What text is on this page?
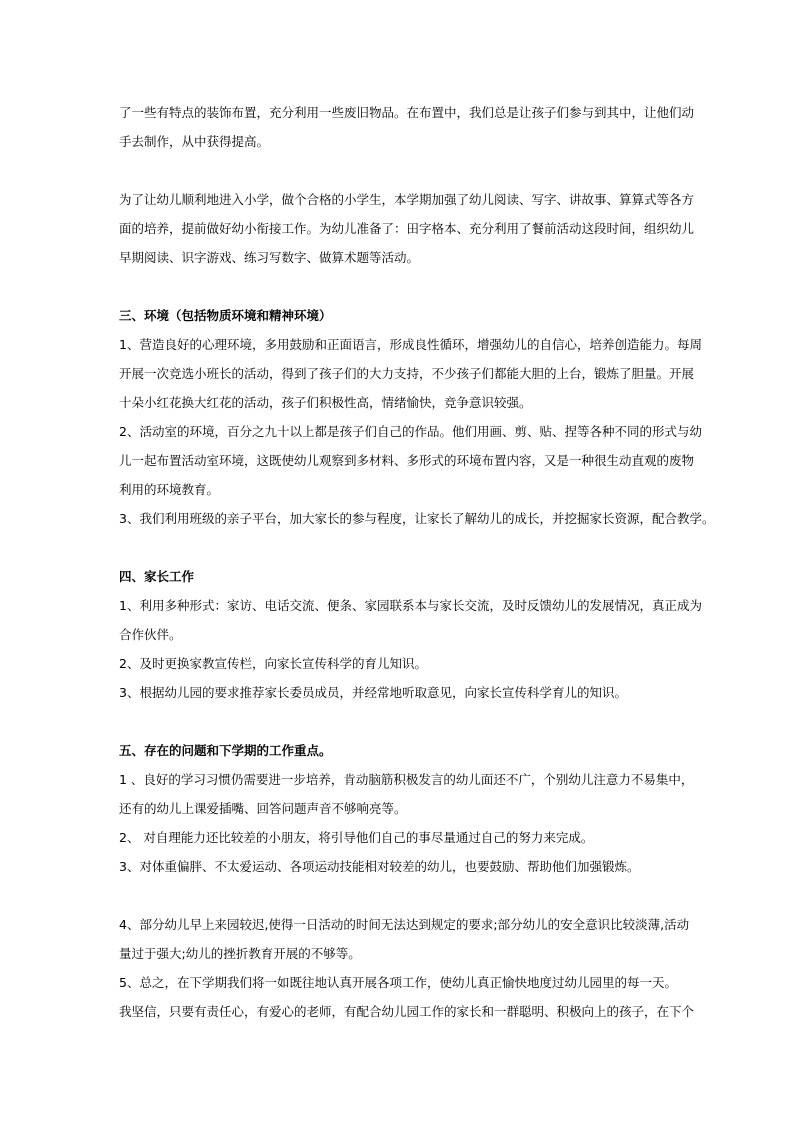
了一些有特点的装饰布置，充分利用一些废旧物品。在布置中，我们总是让孩子们参与到其中，让他们动
手去制作，从中获得提高。
为了让幼儿顺利地进入小学，做个合格的小学生，本学期加强了幼儿阅读、写字、讲故事、算算式等各方
面的培养，提前做好幼小衔接工作。为幼儿准备了：田字格本、充分利用了餐前活动这段时间，组织幼儿
早期阅读、识字游戏、练习写数字、做算术题等活动。
三、环境（包括物质环境和精神环境）
1、营造良好的心理环境，多用鼓励和正面语言，形成良性循环，增强幼儿的自信心，培养创造能力。每周
开展一次竞选小班长的活动，得到了孩子们的大力支持，不少孩子们都能大胆的上台，锻炼了胆量。开展
十朵小红花换大红花的活动，孩子们积极性高，情绪愉快，竞争意识较强。
2、活动室的环境，百分之九十以上都是孩子们自己的作品。他们用画、剪、贴、捏等各种不同的形式与幼
儿一起布置活动室环境，这既使幼儿观察到多材料、多形式的环境布置内容，又是一种很生动直观的废物
利用的环境教育。
3、我们利用班级的亲子平台，加大家长的参与程度，让家长了解幼儿的成长，并挖掘家长资源，配合教学。
四、家长工作
1、利用多种形式：家访、电话交流、便条、家园联系本与家长交流，及时反馈幼儿的发展情况，真正成为
合作伙伴。
2、及时更换家教宣传栏，向家长宣传科学的育儿知识。
3、根据幼儿园的要求推荐家长委员成员，并经常地听取意见，向家长宣传科学育儿的知识。
五、存在的问题和下学期的工作重点。
1 、良好的学习习惯仍需要进一步培养，肯动脑筋积极发言的幼儿面还不广，个别幼儿注意力不易集中，
还有的幼儿上课爱插嘴、回答问题声音不够响亮等。
2、 对自理能力还比较差的小朋友，将引导他们自己的事尽量通过自己的努力来完成。
3、对体重偏胖、不太爱运动、各项运动技能相对较差的幼儿，也要鼓励、帮助他们加强锻炼。
4、部分幼儿早上来园较迟,使得一日活动的时间无法达到规定的要求;部分幼儿的安全意识比较淡薄,活动
量过于强大;幼儿的挫折教育开展的不够等。
5、总之，在下学期我们将一如既往地认真开展各项工作，使幼儿真正愉快地度过幼儿园里的每一天。
我坚信，只要有责任心，有爱心的老师，有配合幼儿园工作的家长和一群聪明、积极向上的孩子，在下个
